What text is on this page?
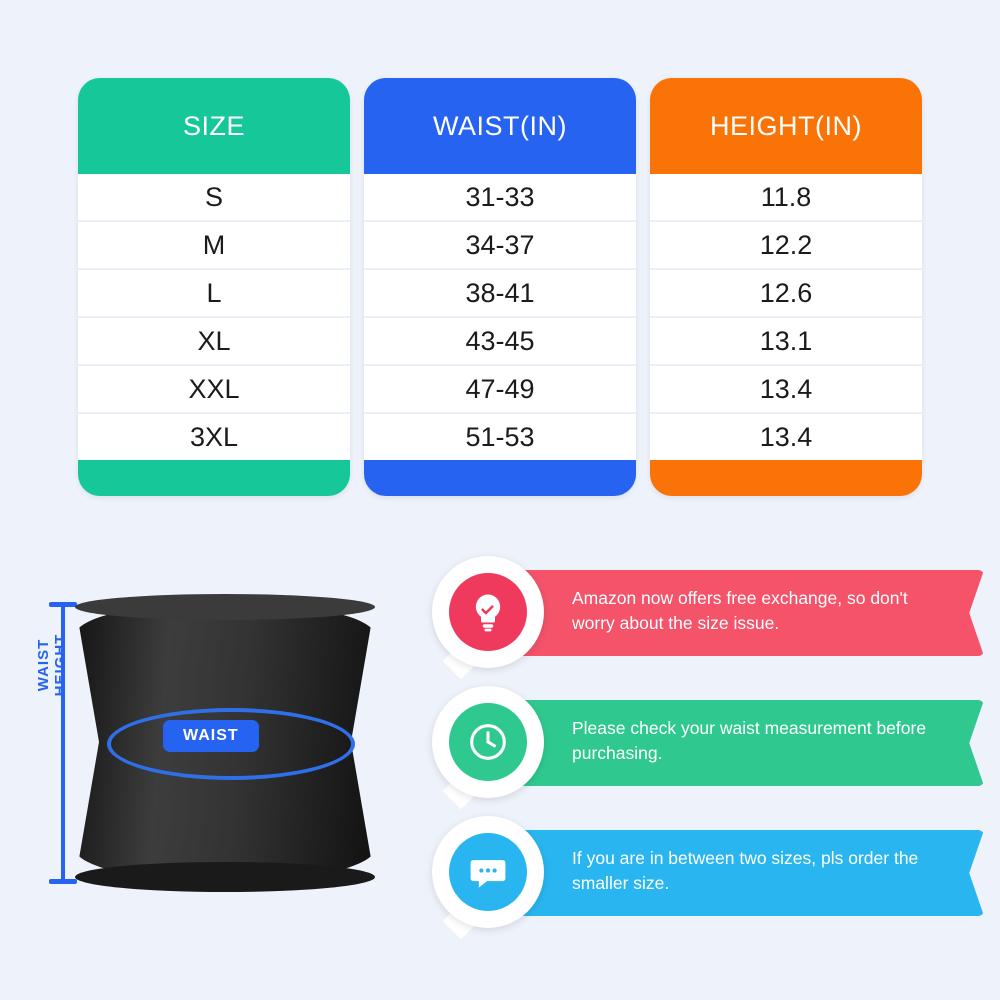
SIZE
S
M
L
XL
XXL
3XL
WAIST(IN)
31-33
34-37
38-41
43-45
47-49
51-53
HEIGHT(IN)
11.8
12.2
12.6
13.1
13.4
13.4
WAIST HEIGHT
WAIST
Amazon now offers free exchange, so don't worry about the size issue.
Please check your waist measurement before purchasing.
If you are in between two sizes, pls order the smaller size.
